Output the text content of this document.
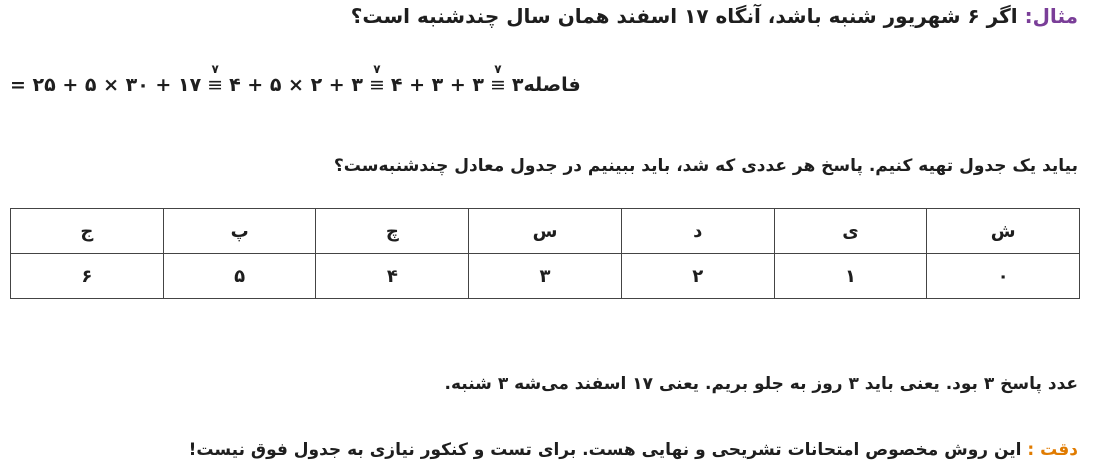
مثال: اگر ۶ شهریور شنبه باشد، آنگاه ۱۷ اسفند همان سال چندشنبه است؟
= ۲۵ + ۵ × ۳۰ + ۱۷
۷
≡ ۴ + ۵ × ۲ + ۳
۷
≡ ۴ + ۳ + ۳
۷
≡ ۳ فاصله
بیاید یک جدول تهیه کنیم. پاسخ هر عددی که شد، باید ببینیم در جدول معادل چندشنبه‌ست؟
ش	ی	د	س	چ	پ	ج
۰	۱	۲	۳	۴	۵	۶
عدد پاسخ ۳ بود. یعنی باید ۳ روز به جلو بریم. یعنی ۱۷ اسفند می‌شه ۳ شنبه.
دقت : این روش مخصوص امتحانات تشریحی و نهایی هست. برای تست و کنکور نیازی به جدول فوق نیست!
